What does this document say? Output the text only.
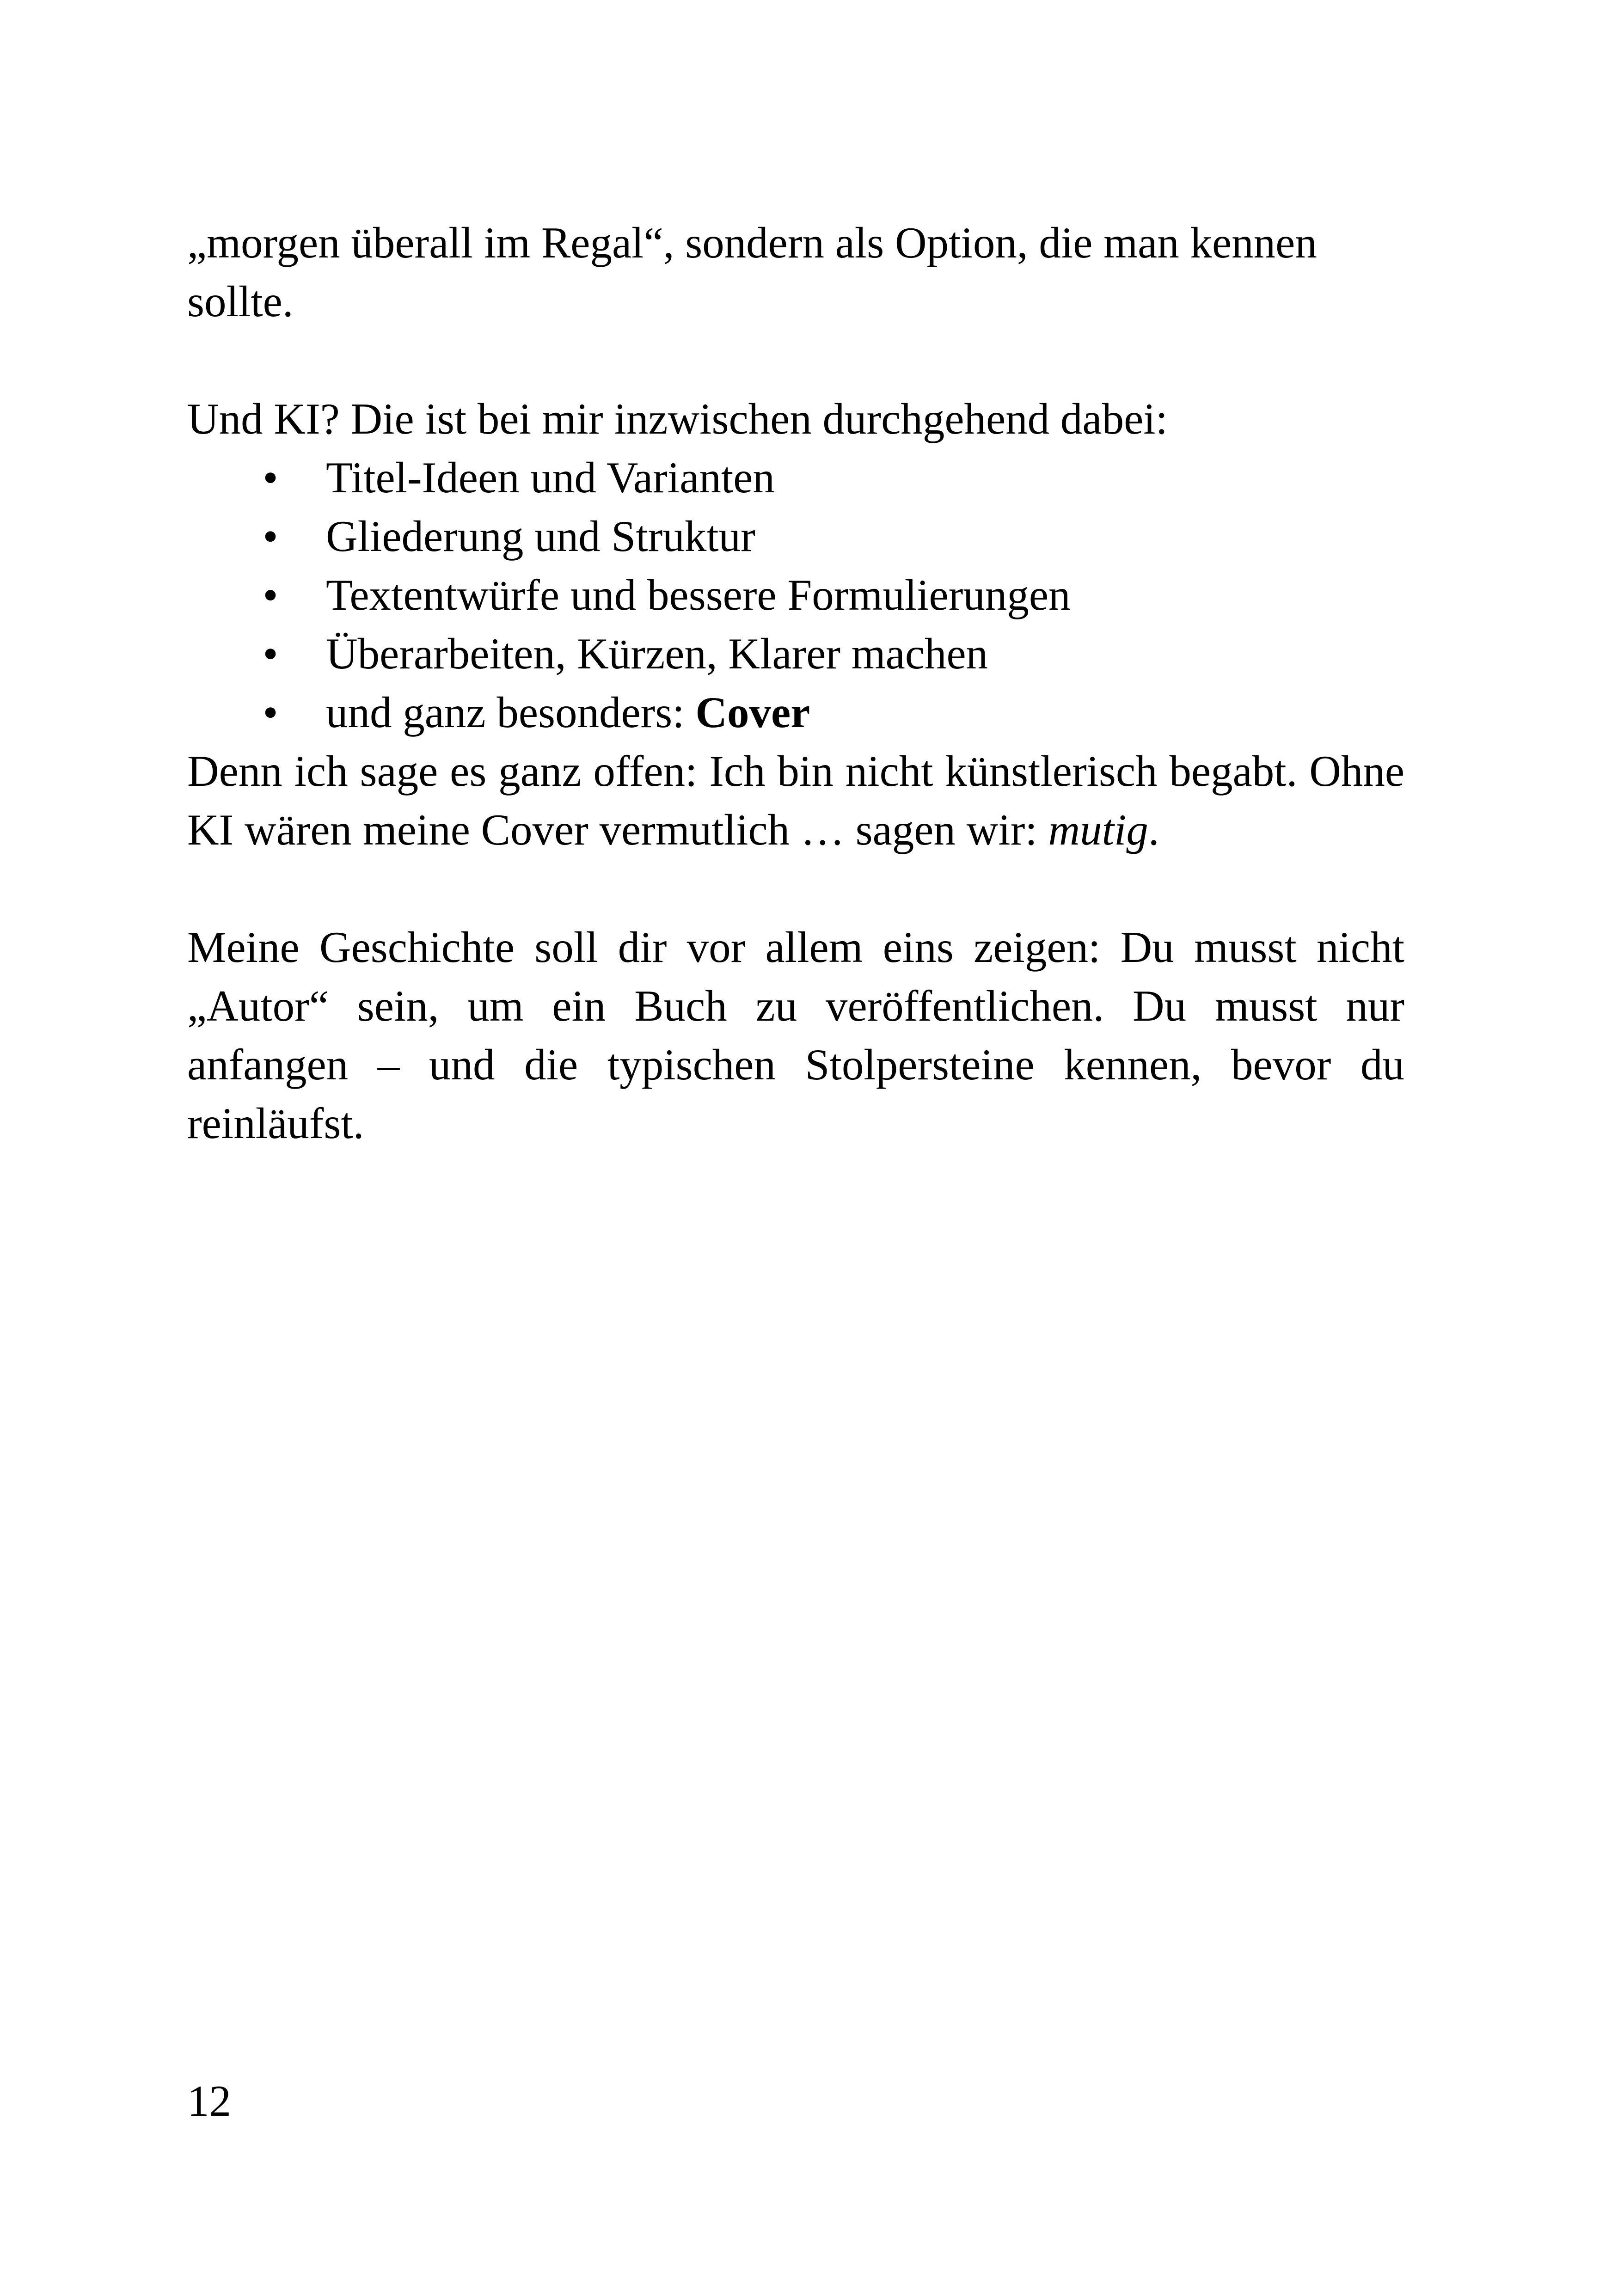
„morgen überall im Regal“, sondern als Option, die man kennen sollte.

Und KI? Die ist bei mir inzwischen durchgehend dabei:

• Titel-Ideen und Varianten
• Gliederung und Struktur
• Textentwürfe und bessere Formulierungen
• Überarbeiten, Kürzen, Klarer machen
• und ganz besonders: Cover

Denn ich sage es ganz offen: Ich bin nicht künstlerisch begabt. Ohne KI wären meine Cover vermutlich … sagen wir: mutig.

Meine Geschichte soll dir vor allem eins zeigen: Du musst nicht „Autor“ sein, um ein Buch zu veröffentlichen. Du musst nur anfangen – und die typischen Stolpersteine kennen, bevor du reinläufst.

12
